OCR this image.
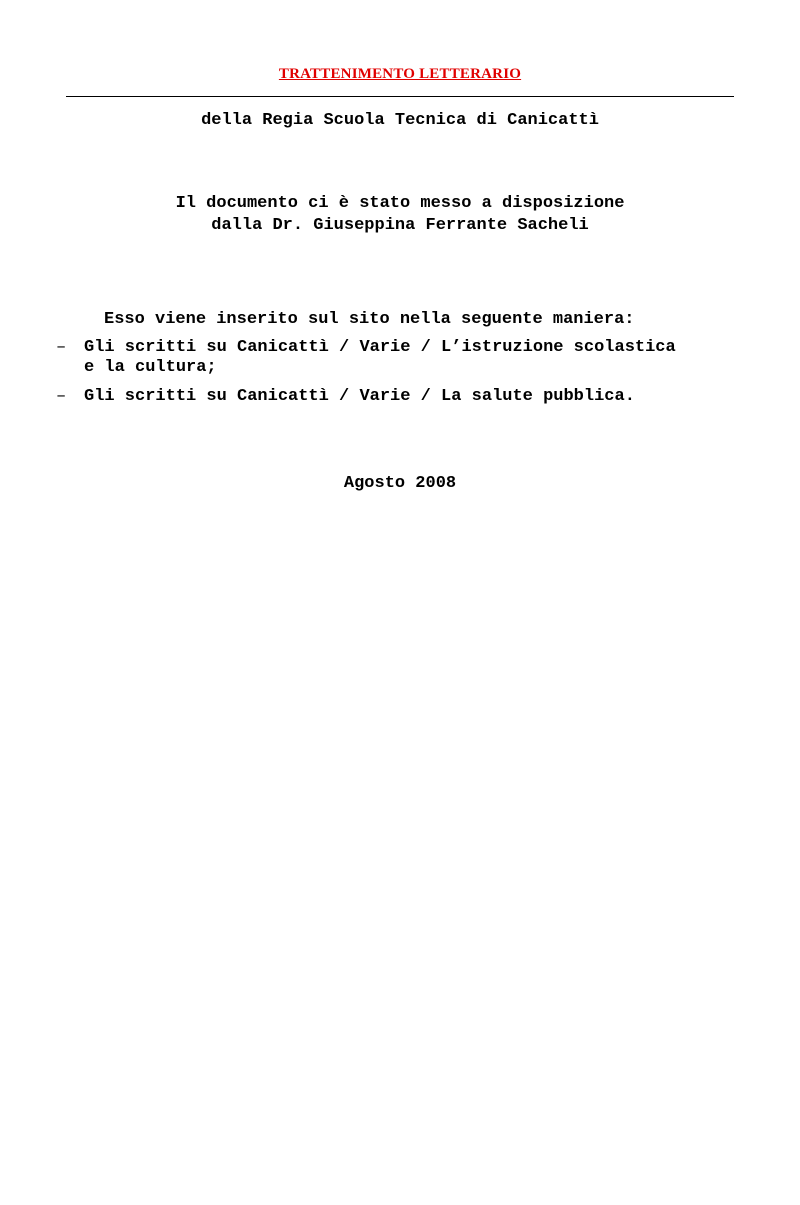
TRATTENIMENTO LETTERARIO
della Regia Scuola Tecnica di Canicattì
Il documento ci è stato messo a disposizione
dalla Dr. Giuseppina Ferrante Sacheli
Esso viene inserito sul sito nella seguente maniera:
– Gli scritti su Canicattì / Varie / L’istruzione scolastica
e la cultura;
– Gli scritti su Canicattì / Varie / La salute pubblica.
Agosto 2008
